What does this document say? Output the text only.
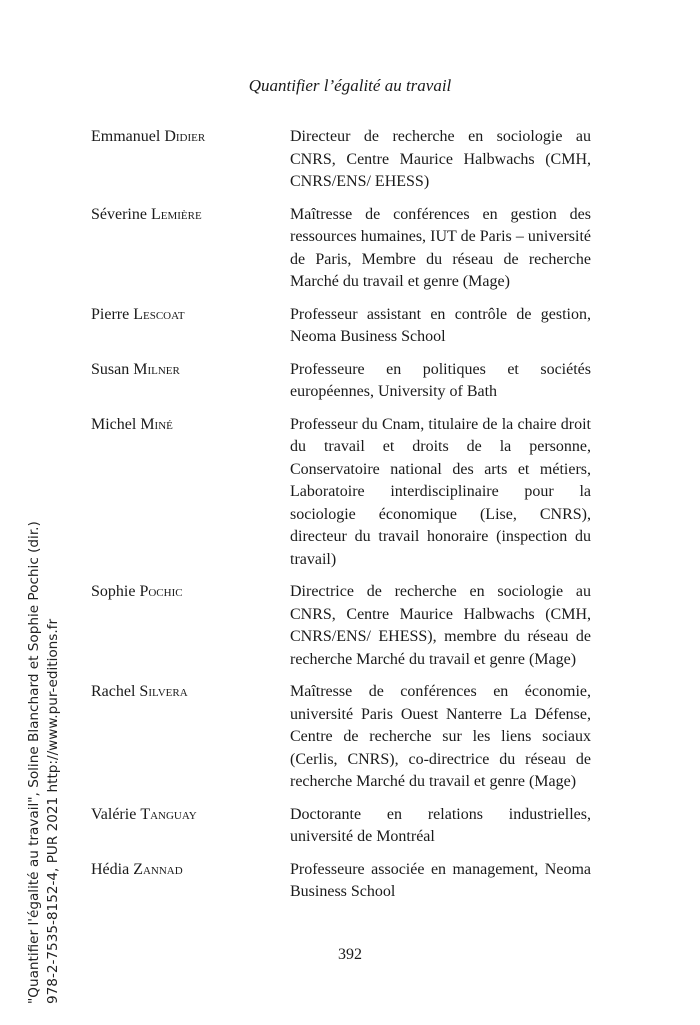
Quantifier l’égalité au travail
Emmanuel Didier	Directeur de recherche en sociologie au CNRS, Centre Maurice Halbwachs (CMH, CNRS/ENS/ EHESS)
Séverine Lemière	Maîtresse de conférences en gestion des ressources humaines, IUT de Paris – université de Paris, Membre du réseau de recherche Marché du travail et genre (Mage)
Pierre Lescoat	Professeur assistant en contrôle de gestion, Neoma Business School
Susan Milner	Professeure en politiques et sociétés européennes, University of Bath
Michel Miné	Professeur du Cnam, titulaire de la chaire droit du travail et droits de la personne, Conservatoire national des arts et métiers, Laboratoire interdisciplinaire pour la sociologie économique (Lise, CNRS), directeur du travail honoraire (inspection du travail)
Sophie Pochic	Directrice de recherche en sociologie au CNRS, Centre Maurice Halbwachs (CMH, CNRS/ENS/ EHESS), membre du réseau de recherche Marché du travail et genre (Mage)
Rachel Silvera	Maîtresse de conférences en économie, université Paris Ouest Nanterre La Défense, Centre de recherche sur les liens sociaux (Cerlis, CNRS), co-directrice du réseau de recherche Marché du travail et genre (Mage)
Valérie Tanguay	Doctorante en relations industrielles, université de Montréal
Hédia Zannad	Professeure associée en management, Neoma Business School
"Quantifier l'égalité au travail", Soline Blanchard et Sophie Pochic (dir.) 978-2-7535-8152-4, PUR 2021 http://www.pur-editions.fr	392
